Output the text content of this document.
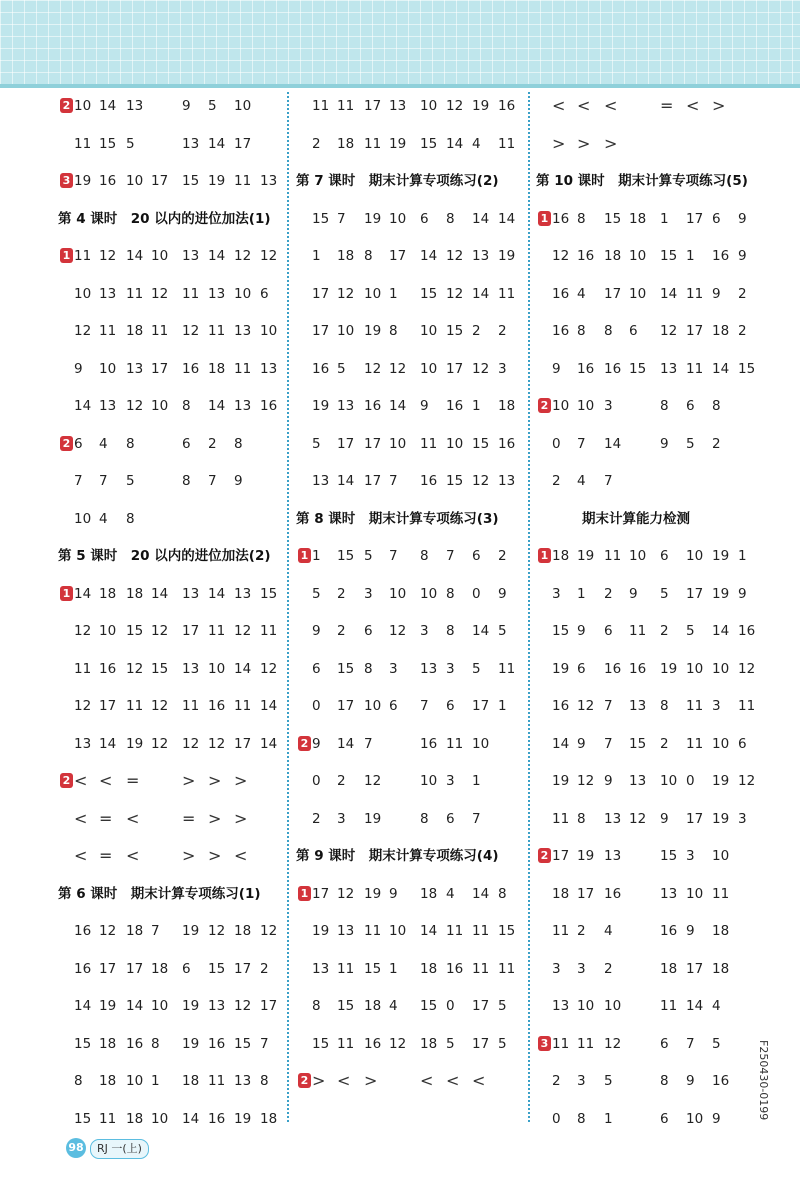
2 10 14 13	9 5 10
11 15 5	13 14 17
3 19 16 10 17 15 19 11 13
第 4 课时　20 以内的进位加法(1)
1 11 12 14 10 13 14 12 12
10 13 11 12 11 13 10 6
12 11 18 11 12 11 13 10
9 10 13 17 16 18 11 13
14 13 12 10 8 14 13 16
2 6 4 8	6 2 8
7 7 5	8 7 9
10 4 8
第 5 课时　20 以内的进位加法(2)
1 14 18 18 14 13 14 13 15
12 10 15 12 17 11 12 11
11 16 12 15 13 10 14 12
12 17 11 12 11 16 11 14
13 14 19 12 12 12 17 14
2 < < =	> > >
< = <	= > >
< = <	> > <
第 6 课时　期末计算专项练习(1)
16 12 18 7 19 12 18 12
16 17 17 18 6 15 17 2
14 19 14 10 19 13 12 17
15 18 16 8 19 16 15 7
8 18 10 1 18 11 13 8
15 11 18 10 14 16 19 18
11 11 17 13 10 12 19 16
2 18 11 19 15 14 4 11
第 7 课时　期末计算专项练习(2)
15 7 19 10 6 8 14 14
1 18 8 17 14 12 13 19
17 12 10 1 15 12 14 11
17 10 19 8 10 15 2 2
16 5 12 12 10 17 12 3
19 13 16 14 9 16 1 18
5 17 17 10 11 10 15 16
13 14 17 7 16 15 12 13
第 8 课时　期末计算专项练习(3)
1 1 15 5 7 8 7 6 2
5 2 3 10 10 8 0 9
9 2 6 12 3 8 14 5
6 15 8 3 13 3 5 11
0 17 10 6 7 6 17 1
2 9 14 7	16 11 10
0 2 12	10 3 1
2 3 19	8 6 7
第 9 课时　期末计算专项练习(4)
1 17 12 19 9 18 4 14 8
19 13 11 10 14 11 11 15
13 11 15 1 18 16 11 11
8 15 18 4 15 0 17 5
15 11 16 12 18 5 17 5
2 > < >	< < <
< < <	= < >
> > >
第 10 课时　期末计算专项练习(5)
1 16 8 15 18 1 17 6 9
12 16 18 10 15 1 16 9
16 4 17 10 14 11 9 2
16 8 8 6 12 17 18 2
9 16 16 15 13 11 14 15
2 10 10 3	8 6 8
0 7 14	9 5 2
2 4 7
期末计算能力检测
1 18 19 11 10 6 10 19 1
3 1 2 9 5 17 19 9
15 9 6 11 2 5 14 16
19 6 16 16 19 10 10 12
16 12 7 13 8 11 3 11
14 9 7 15 2 11 10 6
19 12 9 13 10 0 19 12
11 8 13 12 9 17 19 3
2 17 19 13	15 3 10
18 17 16	13 10 11
11 2 4	16 9 18
3 3 2	18 17 18
13 10 10	11 14 4
3 11 11 12	6 7 5
2 3 5	8 9 16
0 8 1	6 10 9
98	RJ 一(上)
F250430-0199
